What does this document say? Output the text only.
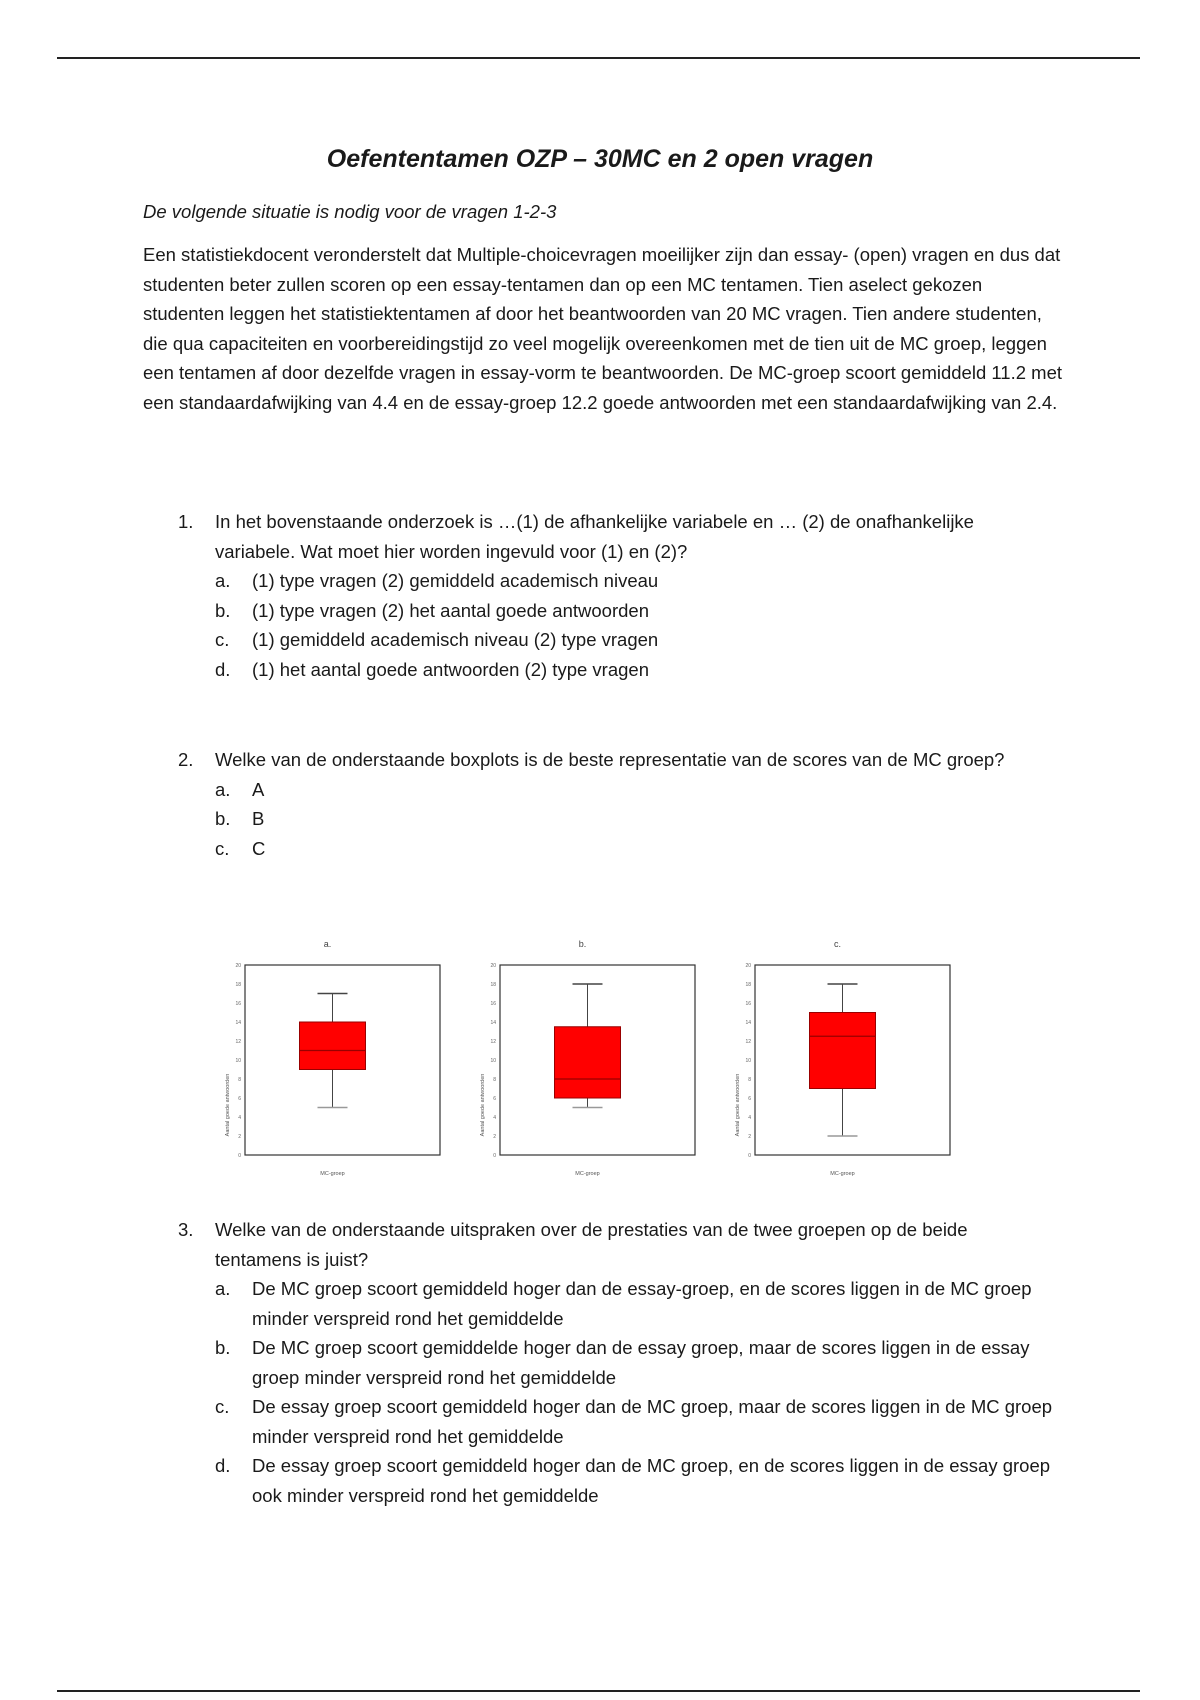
Oefententamen OZP – 30MC en 2 open vragen
De volgende situatie is nodig voor de vragen 1-2-3
Een statistiekdocent veronderstelt dat Multiple-choicevragen moeilijker zijn dan essay- (open) vragen en dus dat studenten beter zullen scoren op een essay-tentamen dan op een MC tentamen. Tien aselect gekozen studenten leggen het statistiektentamen af door het beantwoorden van 20 MC vragen. Tien andere studenten, die qua capaciteiten en voorbereidingstijd zo veel mogelijk overeenkomen met de tien uit de MC groep, leggen een tentamen af door dezelfde vragen in essay-vorm te beantwoorden. De MC-groep scoort gemiddeld 11.2 met een standaardafwijking van 4.4 en de essay-groep 12.2 goede antwoorden met een standaardafwijking van 2.4.
1. In het bovenstaande onderzoek is …(1) de afhankelijke variabele en … (2) de onafhankelijke variabele. Wat moet hier worden ingevuld voor (1) en (2)?
a. (1) type vragen (2) gemiddeld academisch niveau
b. (1) type vragen (2) het aantal goede antwoorden
c. (1) gemiddeld academisch niveau (2) type vragen
d. (1) het aantal goede antwoorden (2) type vragen
2. Welke van de onderstaande boxplots is de beste representatie van de scores van de MC groep?
a. A
b. B
c. C
a.
0
2
4
6
8
10
12
14
16
18
20
Aantal goede antwoorden
MC-groep
b.
0
2
4
6
8
10
12
14
16
18
20
Aantal goede antwoorden
MC-groep
c.
0
2
4
6
8
10
12
14
16
18
20
Aantal goede antwoorden
MC-groep
3. Welke van de onderstaande uitspraken over de prestaties van de twee groepen op de beide tentamens is juist?
a. De MC groep scoort gemiddeld hoger dan de essay-groep, en de scores liggen in de MC groep minder verspreid rond het gemiddelde
b. De MC groep scoort gemiddelde hoger dan de essay groep, maar de scores liggen in de essay groep minder verspreid rond het gemiddelde
c. De essay groep scoort gemiddeld hoger dan de MC groep, maar de scores liggen in de MC groep minder verspreid rond het gemiddelde
d. De essay groep scoort gemiddeld hoger dan de MC groep, en de scores liggen in de essay groep ook minder verspreid rond het gemiddelde
